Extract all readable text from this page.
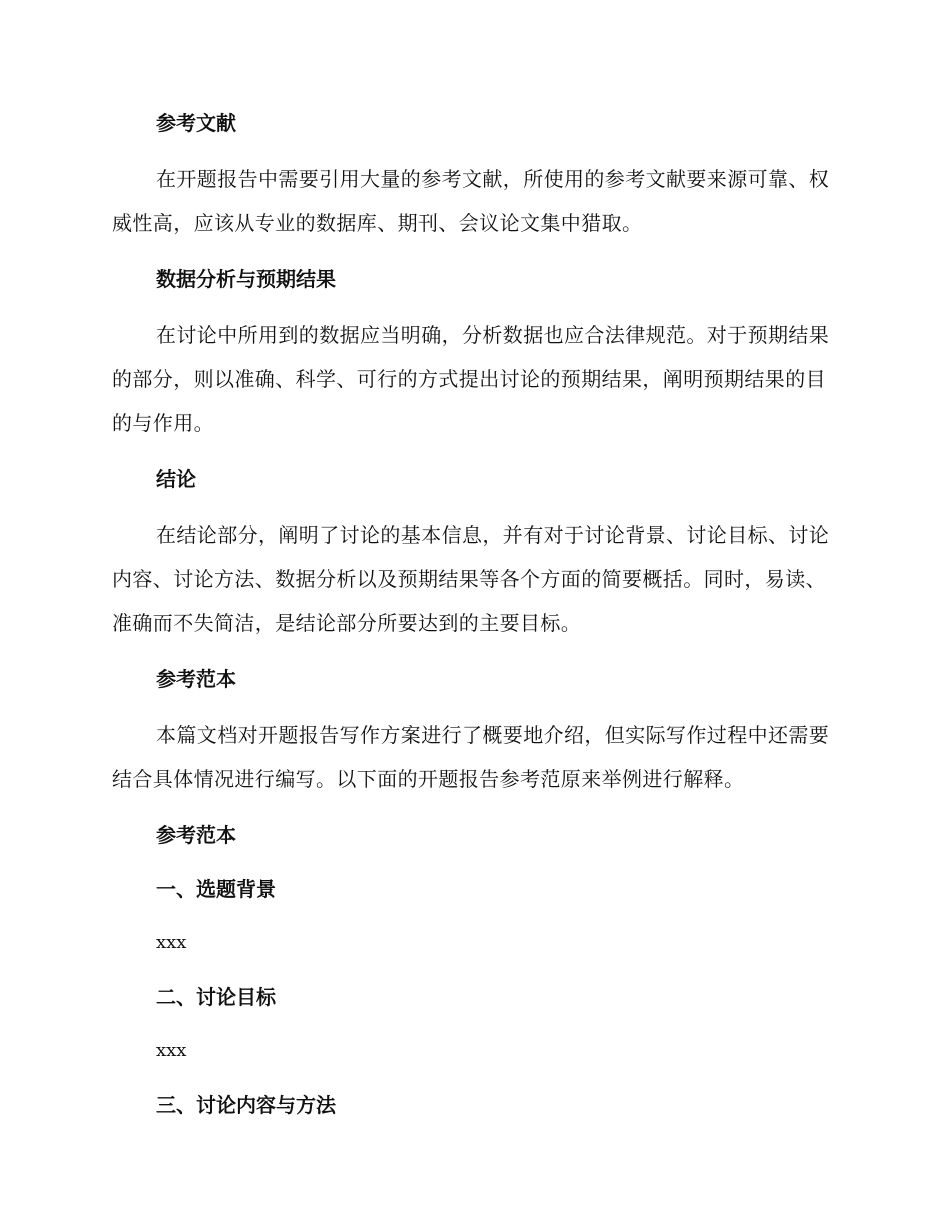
参考文献

在开题报告中需要引用大量的参考文献，所使用的参考文献要来源可靠、权威性高，应该从专业的数据库、期刊、会议论文集中猎取。

数据分析与预期结果

在讨论中所用到的数据应当明确，分析数据也应合法律规范。对于预期结果的部分，则以准确、科学、可行的方式提出讨论的预期结果，阐明预期结果的目的与作用。

结论

在结论部分，阐明了讨论的基本信息，并有对于讨论背景、讨论目标、讨论内容、讨论方法、数据分析以及预期结果等各个方面的简要概括。同时，易读、准确而不失简洁，是结论部分所要达到的主要目标。

参考范本

本篇文档对开题报告写作方案进行了概要地介绍，但实际写作过程中还需要结合具体情况进行编写。以下面的开题报告参考范原来举例进行解释。

参考范本
一、选题背景
xxx
二、讨论目标
xxx
三、讨论内容与方法
